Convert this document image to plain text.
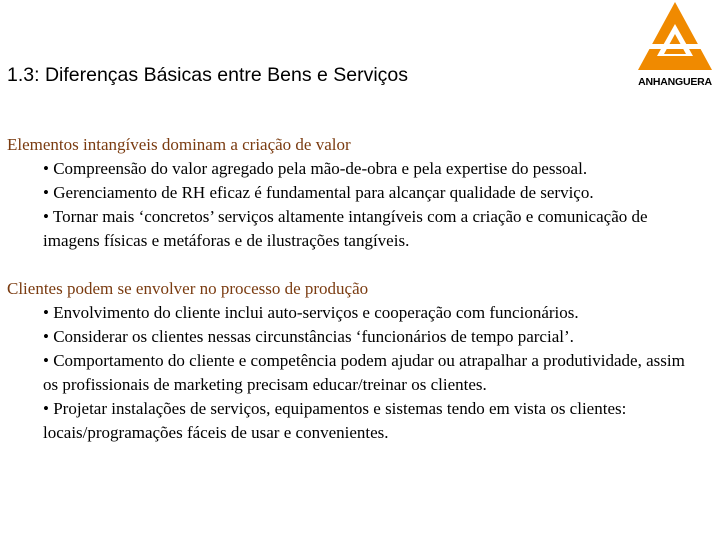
ANHANGUERA
1.3: Diferenças Básicas entre Bens e Serviços
Elementos intangíveis dominam a criação de valor
• Compreensão do valor agregado pela mão-de-obra e pela expertise do pessoal.
• Gerenciamento de RH eficaz é fundamental para alcançar qualidade de serviço.
• Tornar mais ‘concretos’ serviços altamente intangíveis com a criação e comunicação de imagens físicas e metáforas e de ilustrações tangíveis.
Clientes podem se envolver no processo de produção
• Envolvimento do cliente inclui auto-serviços e cooperação com funcionários.
• Considerar os clientes nessas circunstâncias ‘funcionários de tempo parcial’.
• Comportamento do cliente e competência podem ajudar ou atrapalhar a produtividade, assim os profissionais de marketing precisam educar/treinar os clientes.
• Projetar instalações de serviços, equipamentos e sistemas tendo em vista os clientes: locais/programações fáceis de usar e convenientes.
